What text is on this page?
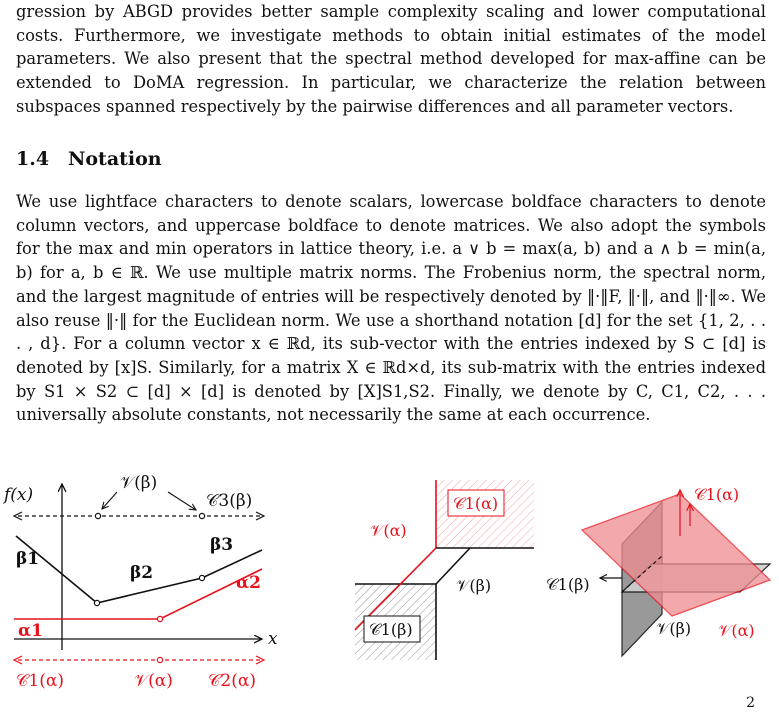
gression by ABGD provides better sample complexity scaling and lower computational costs. Furthermore, we investigate methods to obtain initial estimates of the model parameters. We also present that the spectral method developed for max-affine can be extended to DoMA regression. In particular, we characterize the relation between subspaces spanned respectively by the pairwise differences and all parameter vectors.

1.4 Notation

We use lightface characters to denote scalars, lowercase boldface characters to denote column vectors, and uppercase boldface to denote matrices. We also adopt the symbols for the max and min operators in lattice theory, i.e. a ∨ b = max(a, b) and a ∧ b = min(a, b) for a, b ∈ ℝ. We use multiple matrix norms. The Frobenius norm, the spectral norm, and the largest magnitude of entries will be respectively denoted by ‖·‖F, ‖·‖, and ‖·‖∞. We also reuse ‖·‖ for the Euclidean norm. We use a shorthand notation [d] for the set {1, 2, . . . , d}. For a column vector x ∈ ℝd, its sub-vector with the entries indexed by S ⊂ [d] is denoted by [x]S. Similarly, for a matrix X ∈ ℝd×d, its sub-matrix with the entries indexed by S1 × S2 ⊂ [d] × [d] is denoted by [X]S1,S2. Finally, we denote by C, C1, C2, . . . universally absolute constants, not necessarily the same at each occurrence.

f(x)
x
𝒱(β)
𝒞3(β)
β1
β2
β3
α1
α2
𝒞1(α)	𝒱(α) 𝒞2(α)
𝒞1(α)
𝒱(α)
𝒱(β)
𝒞1(β)
𝒞1(α)
𝒞1(β)
𝒱(β) 𝒱(α)
2
